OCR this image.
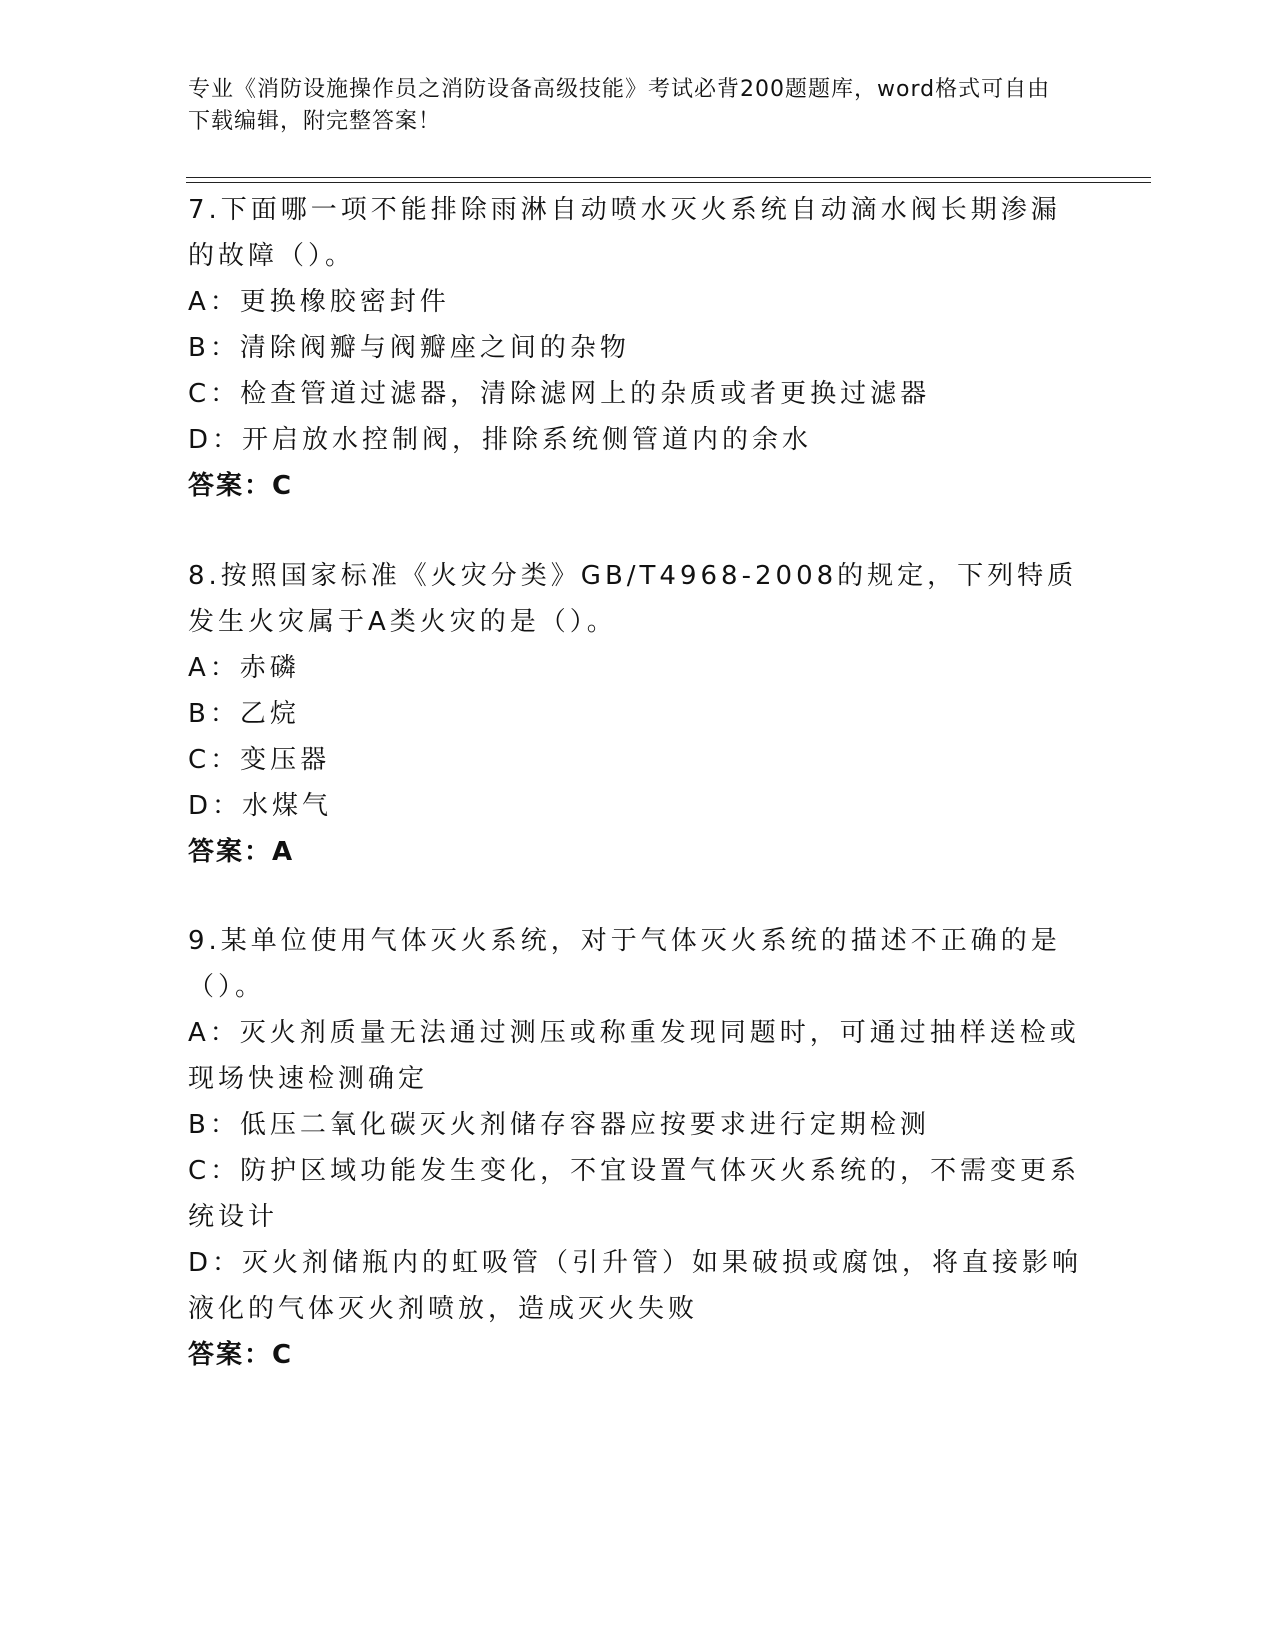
专业《消防设施操作员之消防设备高级技能》考试必背200题题库，word格式可自由下载编辑，附完整答案！
7.下面哪一项不能排除雨淋自动喷水灭火系统自动滴水阀长期渗漏的故障（）。
A：更换橡胶密封件
B：清除阀瓣与阀瓣座之间的杂物
C：检查管道过滤器，清除滤网上的杂质或者更换过滤器
D：开启放水控制阀，排除系统侧管道内的余水
答案：C
8.按照国家标准《火灾分类》GB/T4968-2008的规定，下列特质发生火灾属于A类火灾的是（）。
A：赤磷
B：乙烷
C：变压器
D：水煤气
答案：A
9.某单位使用气体灭火系统，对于气体灭火系统的描述不正确的是（）。
A：灭火剂质量无法通过测压或称重发现同题时，可通过抽样送检或现场快速检测确定
B：低压二氧化碳灭火剂储存容器应按要求进行定期检测
C：防护区域功能发生变化，不宜设置气体灭火系统的，不需变更系统设计
D：灭火剂储瓶内的虹吸管（引升管）如果破损或腐蚀，将直接影响液化的气体灭火剂喷放，造成灭火失败
答案：C
